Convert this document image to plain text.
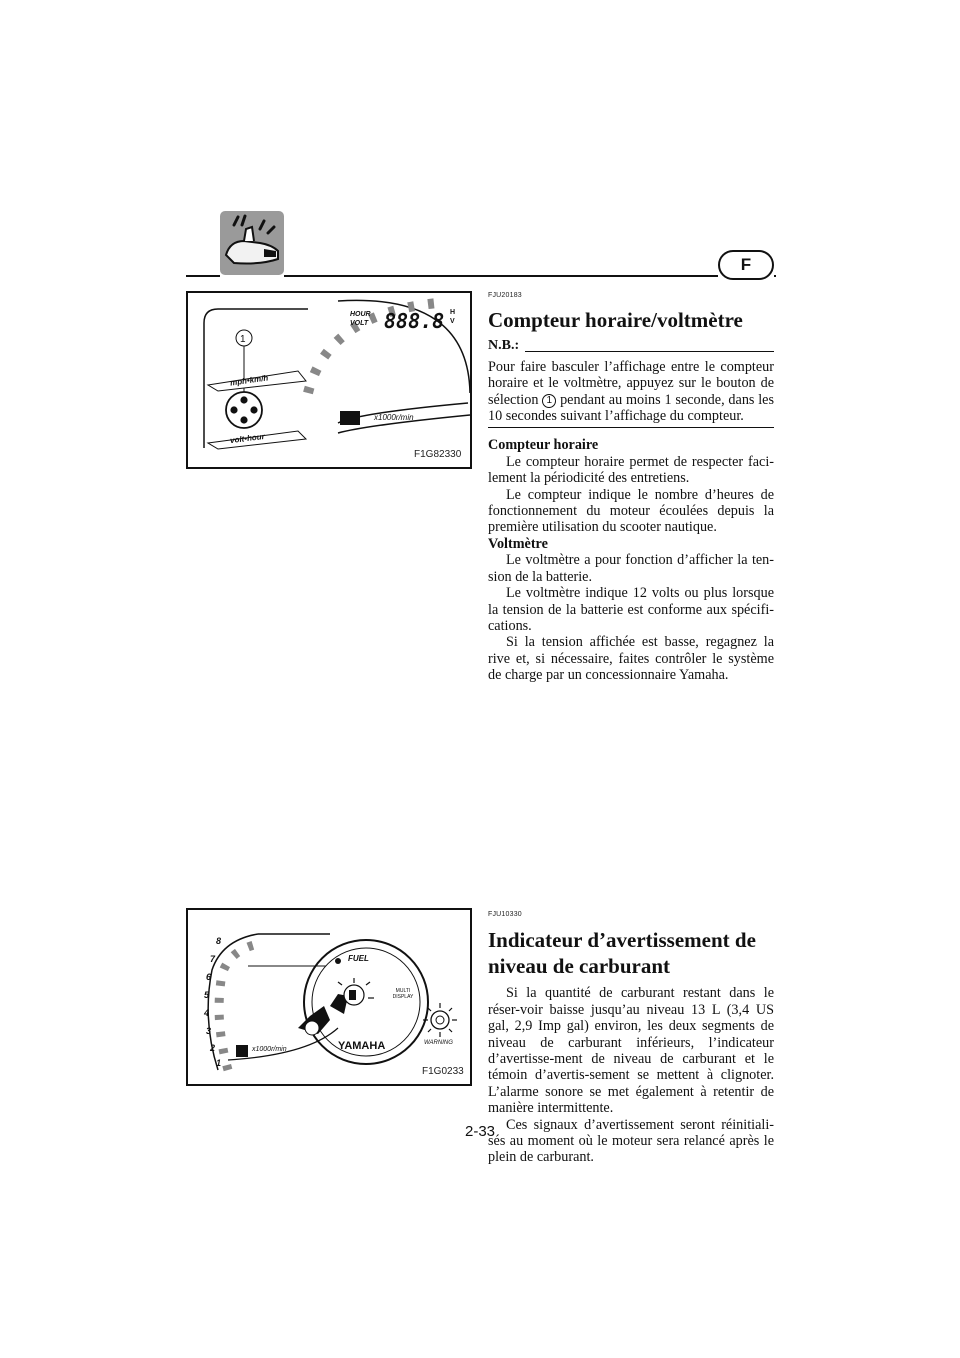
F
1
mph•km/h
volt•hour
HOUR
VOLT 888.8 H
V
x1000r/min
F1G82330
FJU20183
Compteur horaire/voltmètre
N.B.:

Pour faire basculer l’affichage entre le compteur horaire et le voltmètre, appuyez sur le bouton de sélection 1 pendant au moins 1 seconde, dans les 10 secondes suivant l’affichage du compteur.

Compteur horaire

Le compteur horaire permet de respecter faci-lement la périodicité des entretiens.

Le compteur indique le nombre d’heures de fonctionnement du moteur écoulées depuis la première utilisation du scooter nautique.

Voltmètre

Le voltmètre a pour fonction d’afficher la ten-sion de la batterie.

Le voltmètre indique 12 volts ou plus lorsque la tension de la batterie est conforme aux spécifi-cations.

Si la tension affichée est basse, regagnez la rive et, si nécessaire, faites contrôler le système de charge par un concessionnaire Yamaha.

8
7
6
5
4
3
2
1
FUEL
MULTI DISPLAY
WARNING
YAMAHA
x1000r/min
F1G0233
FJU10330
Indicateur d’avertissement de
niveau de carburant

Si la quantité de carburant restant dans le réser-voir baisse jusqu’au niveau 13 L (3,4 US gal, 2,9 Imp gal) environ, les deux segments de niveau de carburant inférieurs, l’indicateur d’avertisse-ment de niveau de carburant et le témoin d’avertis-sement se mettent à clignoter. L’alarme sonore se met également à retentir de manière intermittente.

Ces signaux d’avertissement seront réinitiali-sés au moment où le moteur sera relancé après le plein de carburant.

2-33
